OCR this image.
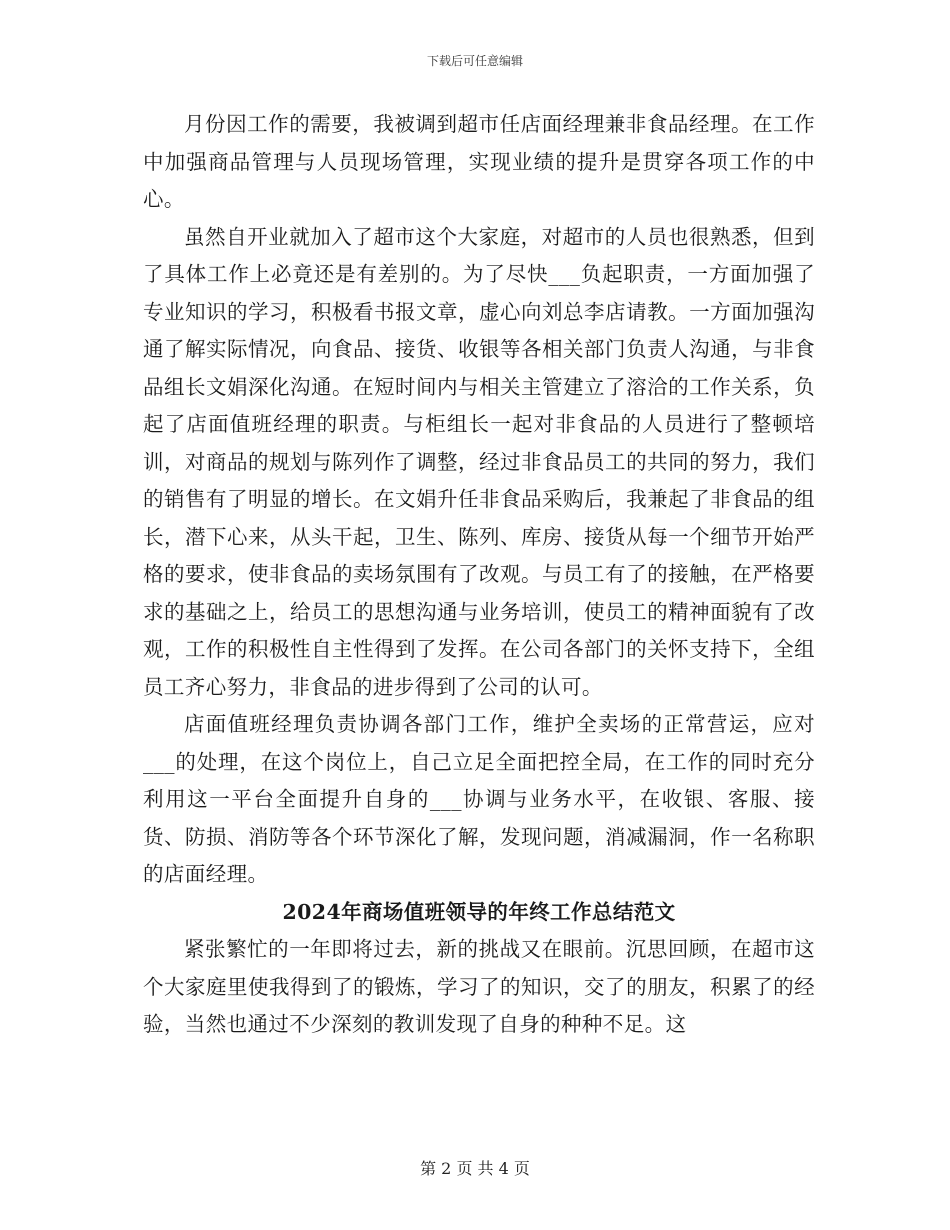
下载后可任意编辑

月份因工作的需要，我被调到超市任店面经理兼非食品经理。在工作中加强商品管理与人员现场管理，实现业绩的提升是贯穿各项工作的中心。

虽然自开业就加入了超市这个大家庭，对超市的人员也很熟悉，但到了具体工作上必竟还是有差别的。为了尽快___负起职责，一方面加强了专业知识的学习，积极看书报文章，虚心向刘总李店请教。一方面加强沟通了解实际情况，向食品、接货、收银等各相关部门负责人沟通，与非食品组长文娟深化沟通。在短时间内与相关主管建立了溶洽的工作关系，负起了店面值班经理的职责。与柜组长一起对非食品的人员进行了整顿培训，对商品的规划与陈列作了调整，经过非食品员工的共同的努力，我们的销售有了明显的增长。在文娟升任非食品采购后，我兼起了非食品的组长，潜下心来，从头干起，卫生、陈列、库房、接货从每一个细节开始严格的要求，使非食品的卖场氛围有了改观。与员工有了的接触，在严格要求的基础之上，给员工的思想沟通与业务培训，使员工的精神面貌有了改观，工作的积极性自主性得到了发挥。在公司各部门的关怀支持下，全组员工齐心努力，非食品的进步得到了公司的认可。

店面值班经理负责协调各部门工作，维护全卖场的正常营运，应对___的处理，在这个岗位上，自己立足全面把控全局，在工作的同时充分利用这一平台全面提升自身的___协调与业务水平，在收银、客服、接货、防损、消防等各个环节深化了解，发现问题，消减漏洞，作一名称职的店面经理。

2024年商场值班领导的年终工作总结范文

紧张繁忙的一年即将过去，新的挑战又在眼前。沉思回顾，在超市这个大家庭里使我得到了的锻炼，学习了的知识，交了的朋友，积累了的经验，当然也通过不少深刻的教训发现了自身的种种不足。这

第 2 页 共 4 页
